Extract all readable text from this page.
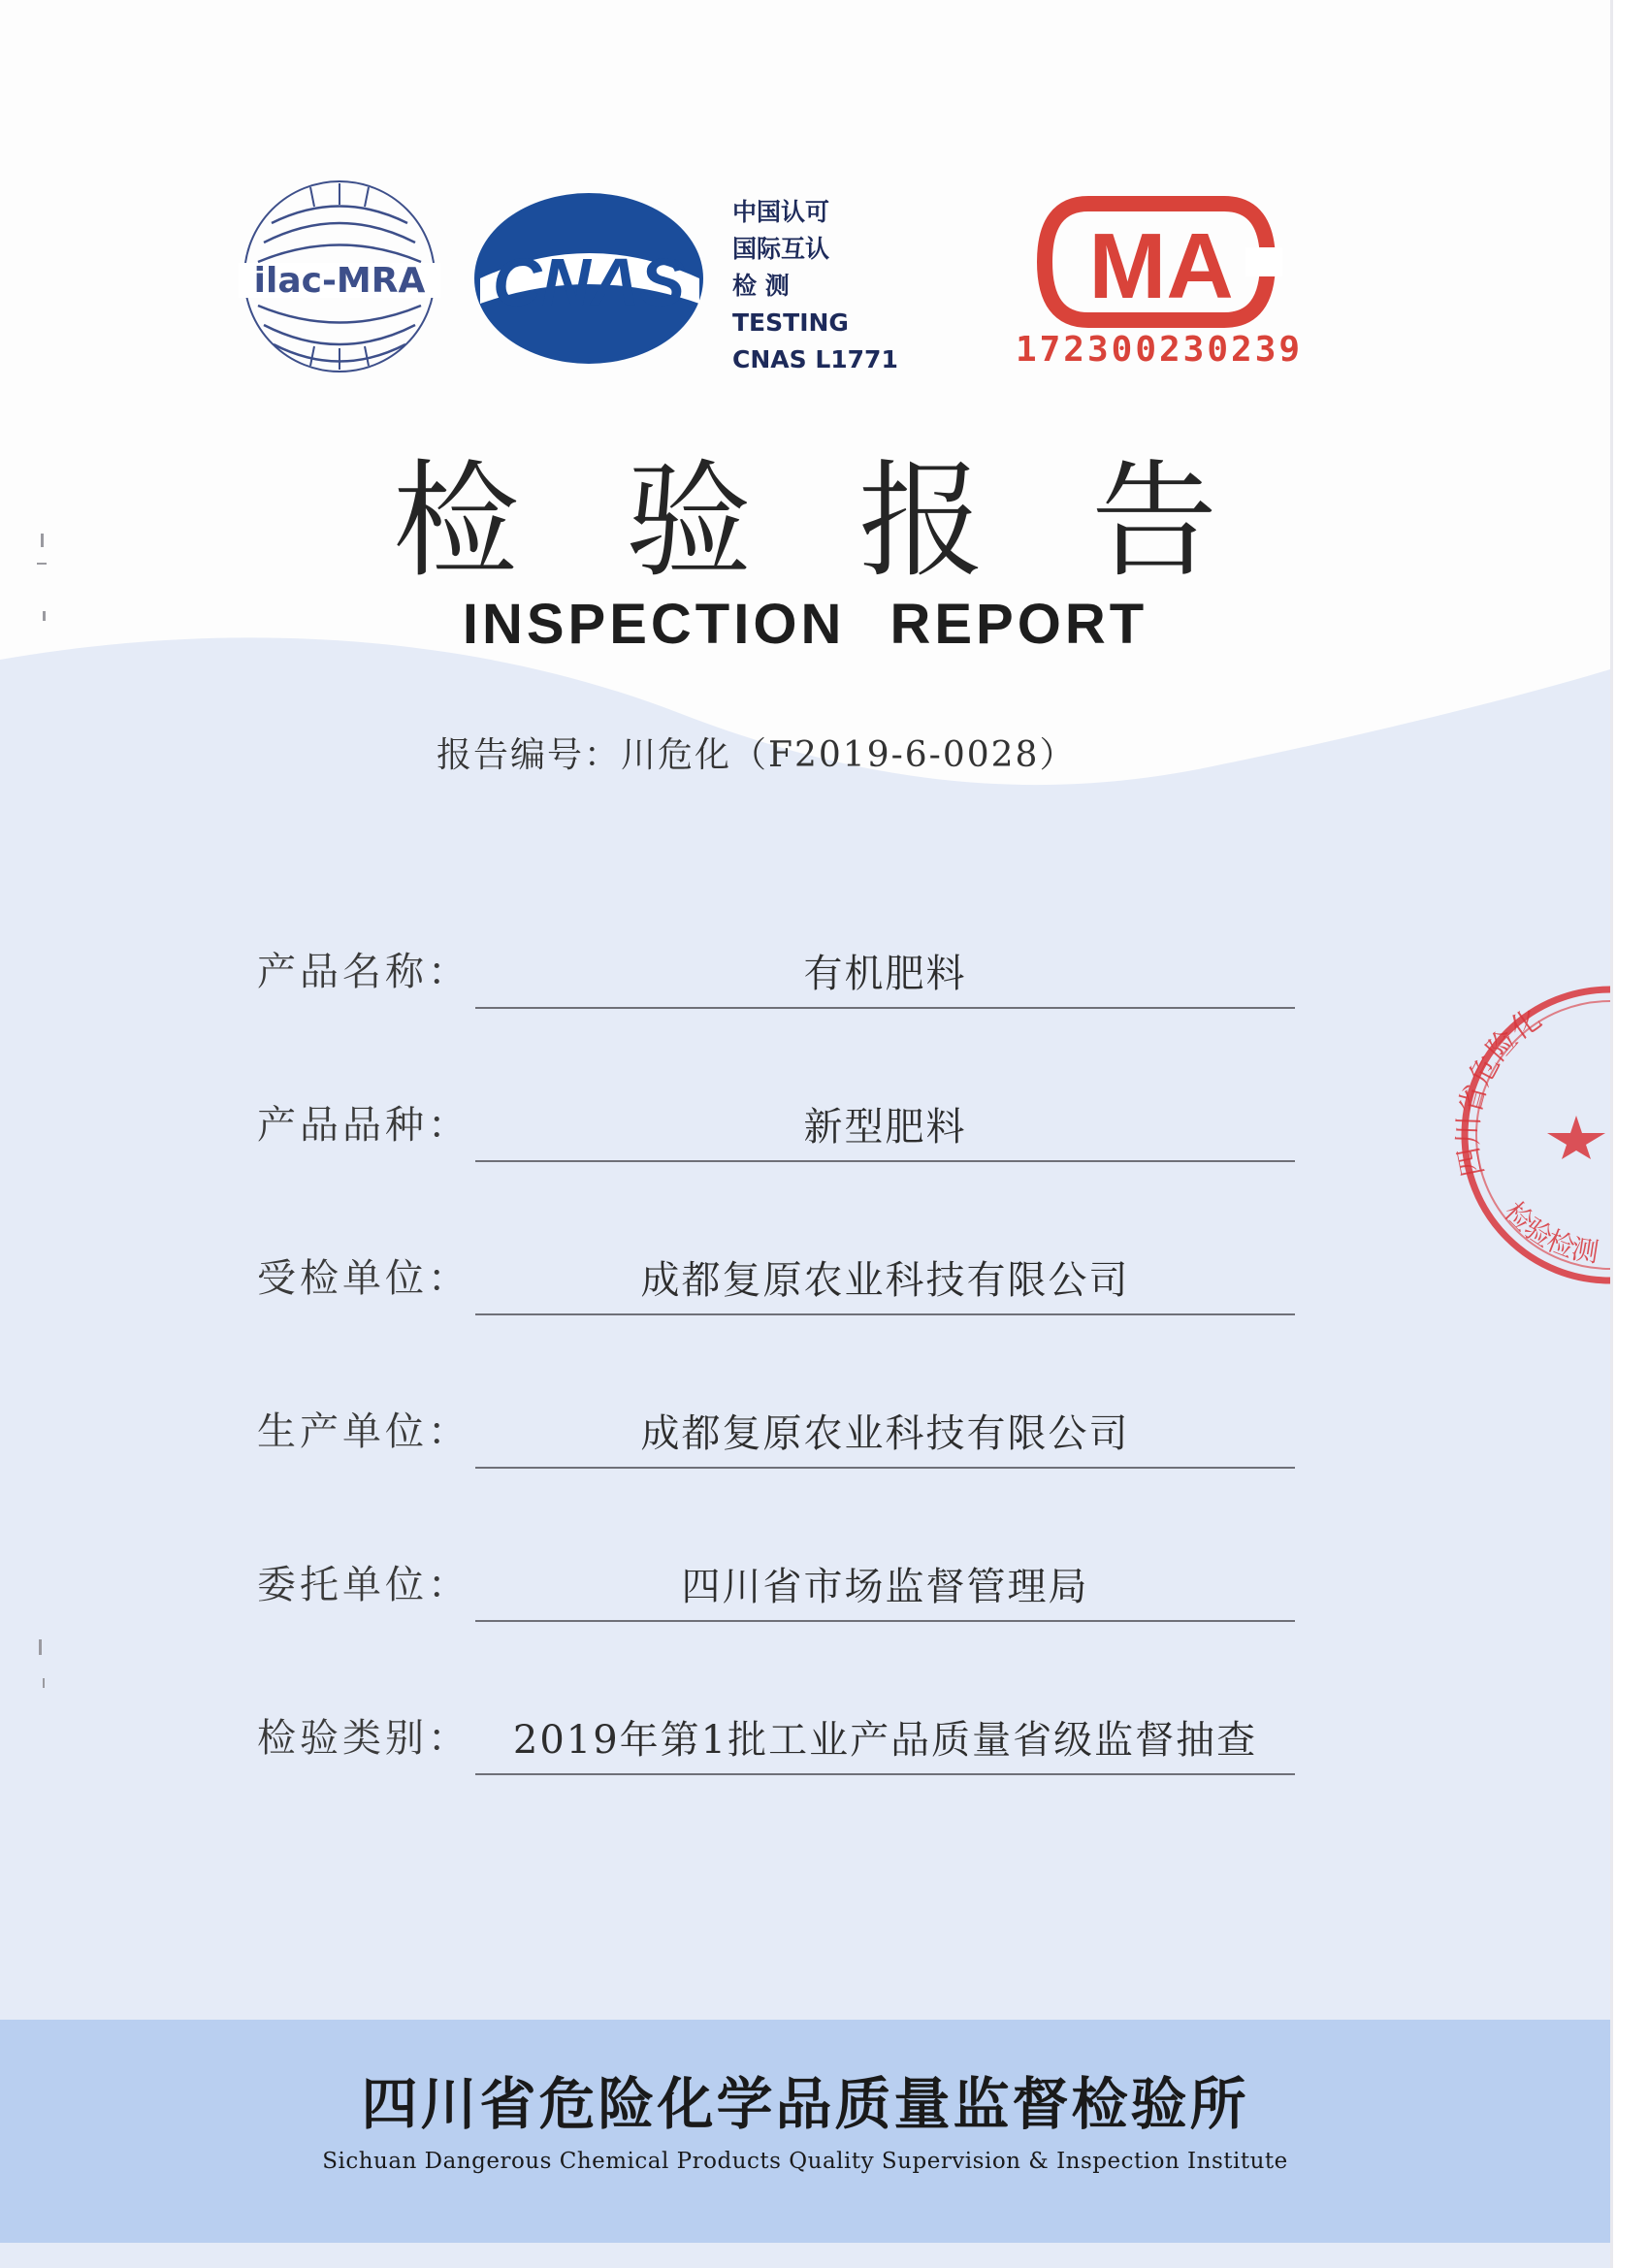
ilac-MRA CNAS
中国认可
国际互认
检 测
TESTING
CNAS L1771
MA
172300230239
检验报告
INSPECTION REPORT
报告编号：川危化（F2019-6-0028）
产品名称：	有机肥料
产品品种：	新型肥料
受检单位：	成都复原农业科技有限公司
生产单位：	成都复原农业科技有限公司
委托单位：	四川省市场监督管理局
检验类别：	2019年第1批工业产品质量省级监督抽查
四川省危险化
检验检测
四川省危险化学品质量监督检验所
Sichuan Dangerous Chemical Products Quality Supervision & Inspection Institute
